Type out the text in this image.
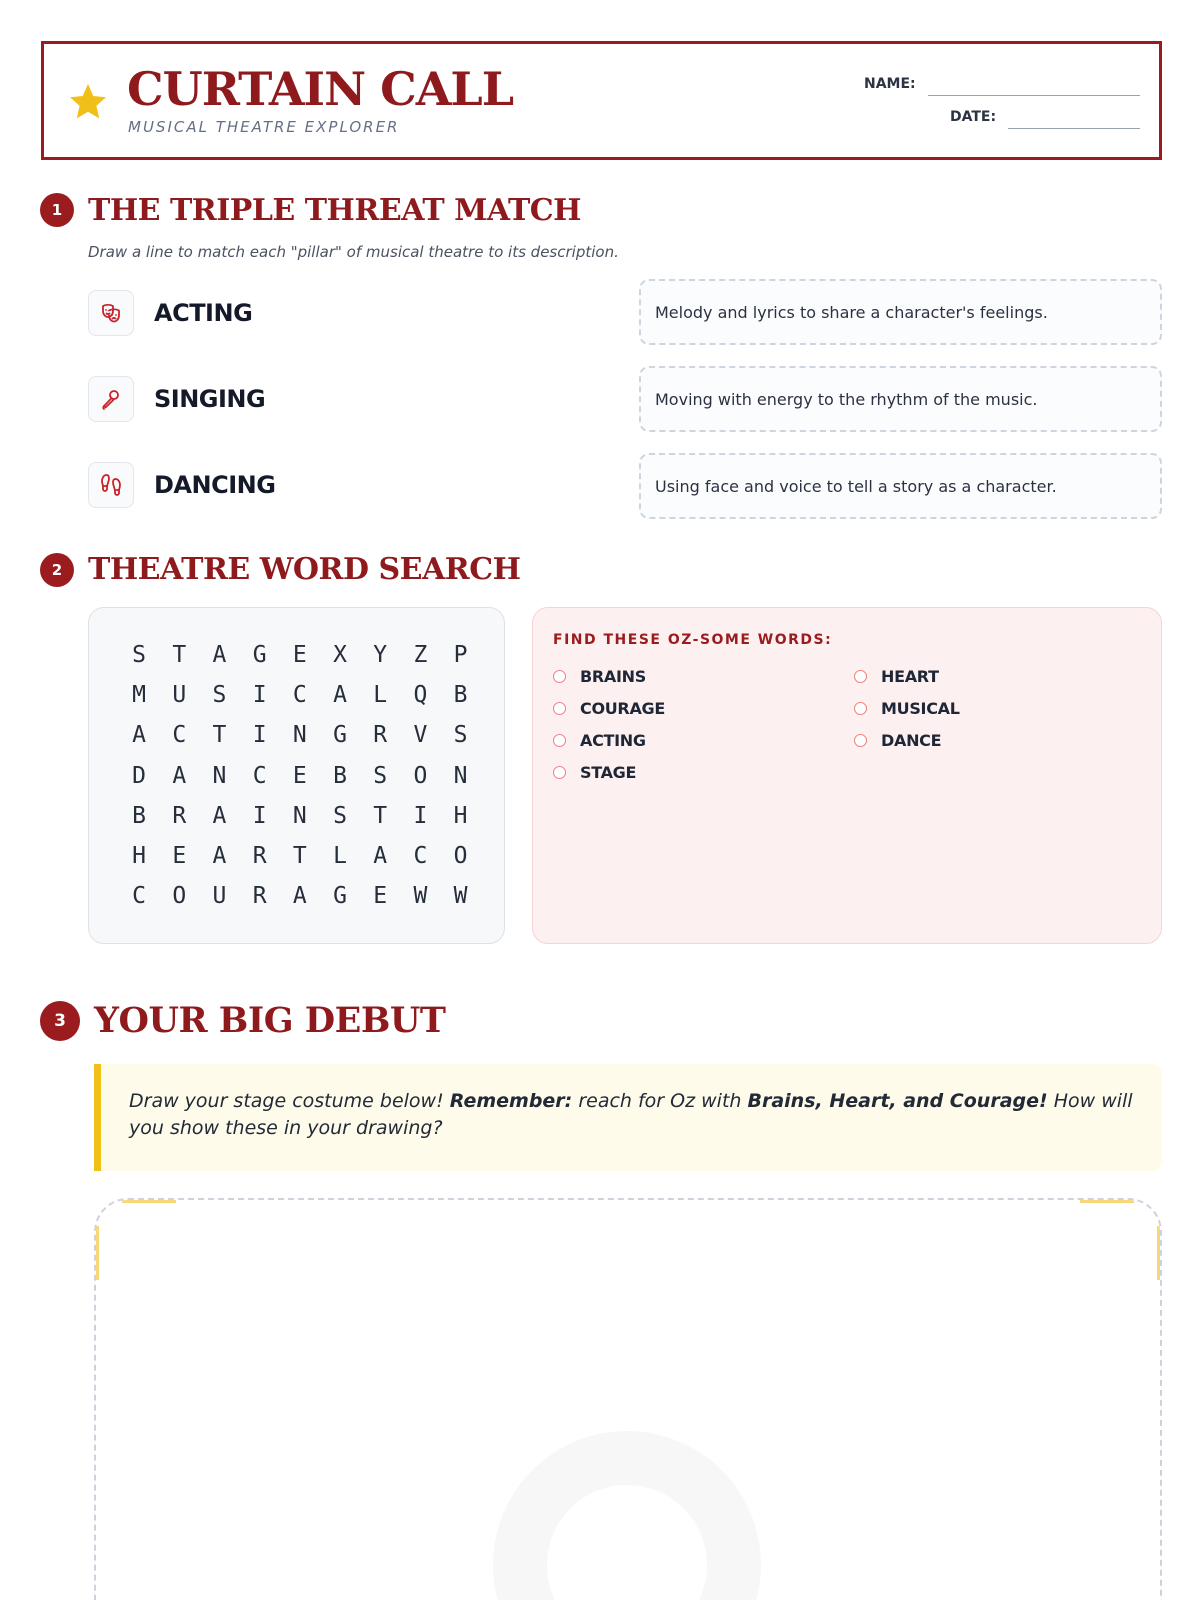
CURTAIN CALL
MUSICAL THEATRE EXPLORER
NAME:
DATE:
1 THE TRIPLE THREAT MATCH
Draw a line to match each "pillar" of musical theatre to its description.
ACTING
SINGING
DANCING
Melody and lyrics to share a character's feelings.
Moving with energy to the rhythm of the music.
Using face and voice to tell a story as a character.
2 THEATRE WORD SEARCH
S	T	A	G	E	X	Y	Z	P
M	U	S	I	C	A	L	Q	B
A	C	T	I	N	G	R	V	S
D	A	N	C	E	B	S	O	N
B	R	A	I	N	S	T	I	H
H	E	A	R	T	L	A	C	O
C	O	U	R	A	G	E	W	W
FIND THESE OZ-SOME WORDS:
BRAINS
COURAGE
ACTING
STAGE
HEART
MUSICAL
DANCE
3 YOUR BIG DEBUT
Draw your stage costume below! Remember: reach for Oz with Brains, Heart, and Courage! How will you show these in your drawing?
